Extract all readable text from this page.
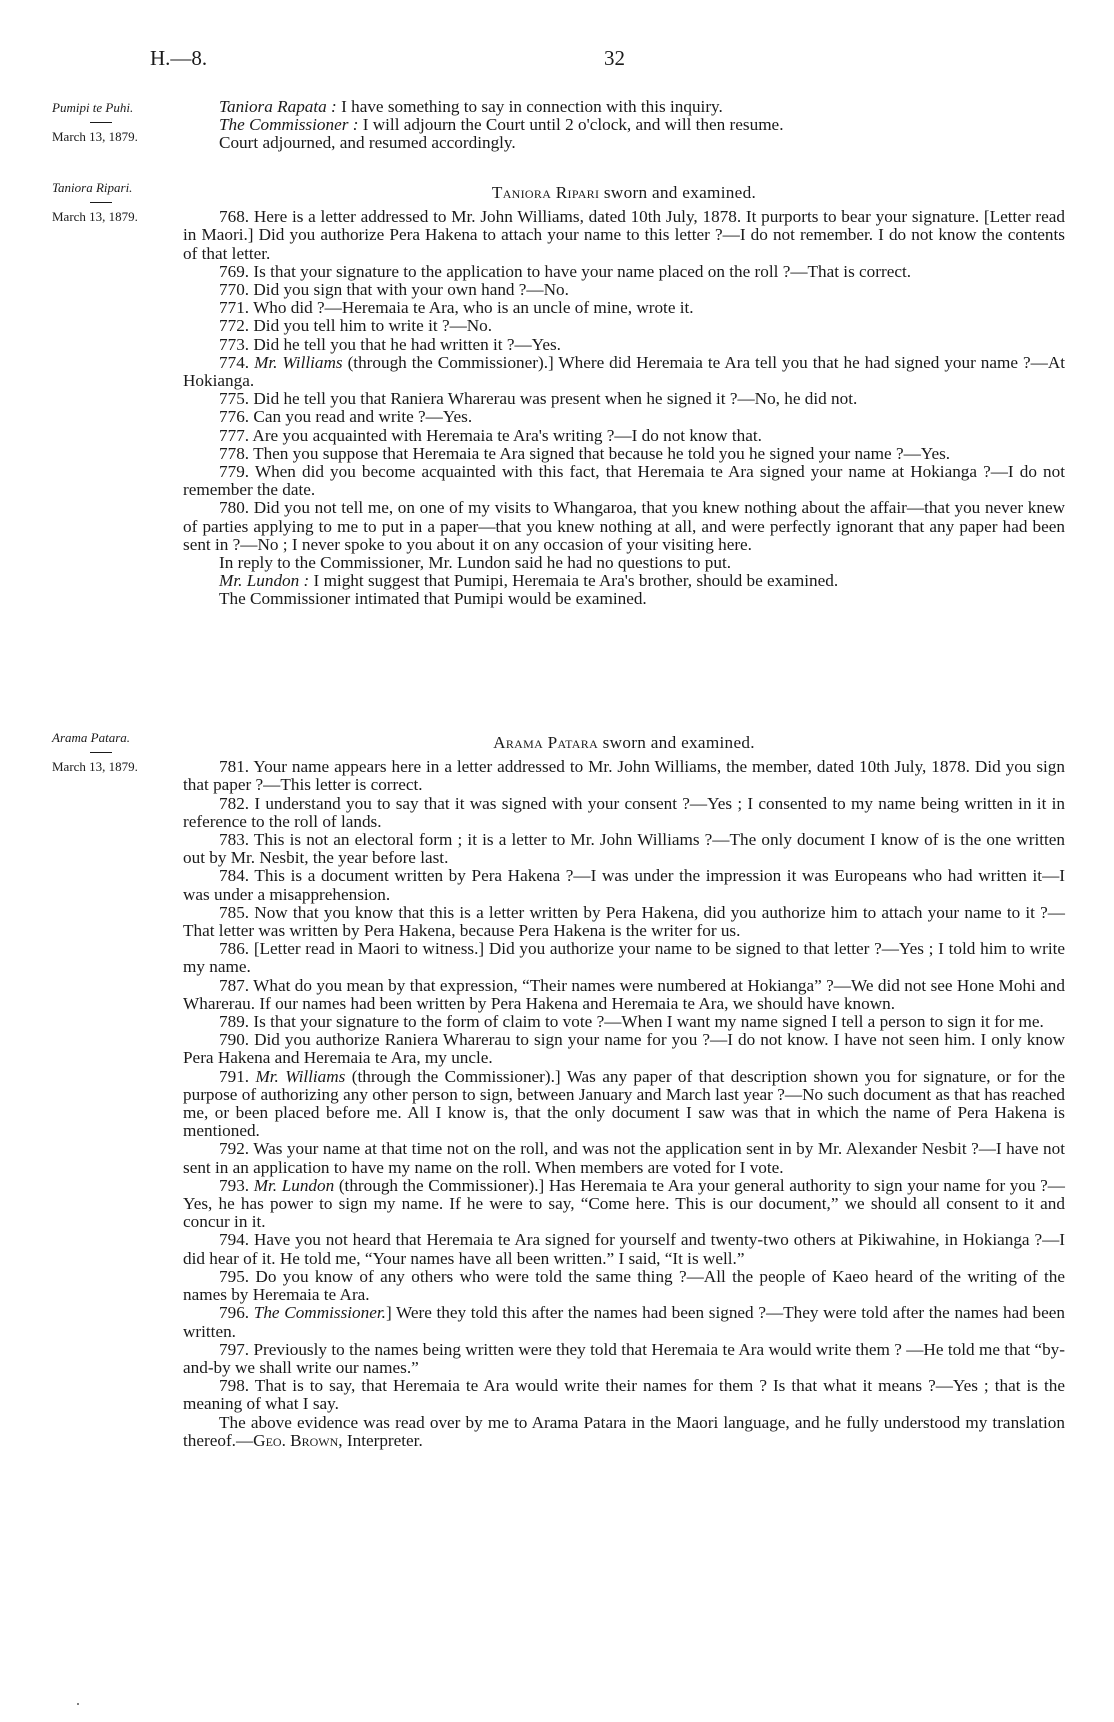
H.—8.	32
Pumipi te Puhi.
March 13, 1879.
Taniora Ripari.
March 13, 1879.
Arama Patara.
March 13, 1879.

Taniora Rapata : I have something to say in connection with this inquiry.

The Commissioner : I will adjourn the Court until 2 o'clock, and will then resume.

Court adjourned, and resumed accordingly.

Taniora Ripari sworn and examined.

768. Here is a letter addressed to Mr. John Williams, dated 10th July, 1878. It purports to bear your signature. [Letter read in Maori.] Did you authorize Pera Hakena to attach your name to this letter ?—I do not remember. I do not know the contents of that letter.

769. Is that your signature to the application to have your name placed on the roll ?—That is correct.

770. Did you sign that with your own hand ?—No.

771. Who did ?—Heremaia te Ara, who is an uncle of mine, wrote it.

772. Did you tell him to write it ?—No.

773. Did he tell you that he had written it ?—Yes.

774. Mr. Williams (through the Commissioner).] Where did Heremaia te Ara tell you that he had signed your name ?—At Hokianga.

775. Did he tell you that Raniera Wharerau was present when he signed it ?—No, he did not.

776. Can you read and write ?—Yes.

777. Are you acquainted with Heremaia te Ara's writing ?—I do not know that.

778. Then you suppose that Heremaia te Ara signed that because he told you he signed your name ?—Yes.

779. When did you become acquainted with this fact, that Heremaia te Ara signed your name at Hokianga ?—I do not remember the date.

780. Did you not tell me, on one of my visits to Whangaroa, that you knew nothing about the affair—that you never knew of parties applying to me to put in a paper—that you knew nothing at all, and were perfectly ignorant that any paper had been sent in ?—No ; I never spoke to you about it on any occasion of your visiting here.

In reply to the Commissioner, Mr. Lundon said he had no questions to put.

Mr. Lundon : I might suggest that Pumipi, Heremaia te Ara's brother, should be examined.

The Commissioner intimated that Pumipi would be examined.

Arama Patara sworn and examined.

781. Your name appears here in a letter addressed to Mr. John Williams, the member, dated 10th July, 1878. Did you sign that paper ?—This letter is correct.

782. I understand you to say that it was signed with your consent ?—Yes ; I consented to my name being written in it in reference to the roll of lands.

783. This is not an electoral form ; it is a letter to Mr. John Williams ?—The only document I know of is the one written out by Mr. Nesbit, the year before last.

784. This is a document written by Pera Hakena ?—I was under the impression it was Europeans who had written it—I was under a misapprehension.

785. Now that you know that this is a letter written by Pera Hakena, did you authorize him to attach your name to it ?—That letter was written by Pera Hakena, because Pera Hakena is the writer for us.

786. [Letter read in Maori to witness.] Did you authorize your name to be signed to that letter ?—Yes ; I told him to write my name.

787. What do you mean by that expression, “Their names were numbered at Hokianga” ?—We did not see Hone Mohi and Wharerau. If our names had been written by Pera Hakena and Heremaia te Ara, we should have known.

789. Is that your signature to the form of claim to vote ?—When I want my name signed I tell a person to sign it for me.

790. Did you authorize Raniera Wharerau to sign your name for you ?—I do not know. I have not seen him. I only know Pera Hakena and Heremaia te Ara, my uncle.

791. Mr. Williams (through the Commissioner).] Was any paper of that description shown you for signature, or for the purpose of authorizing any other person to sign, between January and March last year ?—No such document as that has reached me, or been placed before me. All I know is, that the only document I saw was that in which the name of Pera Hakena is mentioned.

792. Was your name at that time not on the roll, and was not the application sent in by Mr. Alexander Nesbit ?—I have not sent in an application to have my name on the roll. When members are voted for I vote.

793. Mr. Lundon (through the Commissioner).] Has Heremaia te Ara your general authority to sign your name for you ?—Yes, he has power to sign my name. If he were to say, “Come here. This is our document,” we should all consent to it and concur in it.

794. Have you not heard that Heremaia te Ara signed for yourself and twenty-two others at Pikiwahine, in Hokianga ?—I did hear of it. He told me, “Your names have all been written.” I said, “It is well.”

795. Do you know of any others who were told the same thing ?—All the people of Kaeo heard of the writing of the names by Heremaia te Ara.

796. The Commissioner.] Were they told this after the names had been signed ?—They were told after the names had been written.

797. Previously to the names being written were they told that Heremaia te Ara would write them ? —He told me that “by-and-by we shall write our names.”

798. That is to say, that Heremaia te Ara would write their names for them ? Is that what it means ?—Yes ; that is the meaning of what I say.

The above evidence was read over by me to Arama Patara in the Maori language, and he fully understood my translation thereof.—Geo. Brown, Interpreter.
